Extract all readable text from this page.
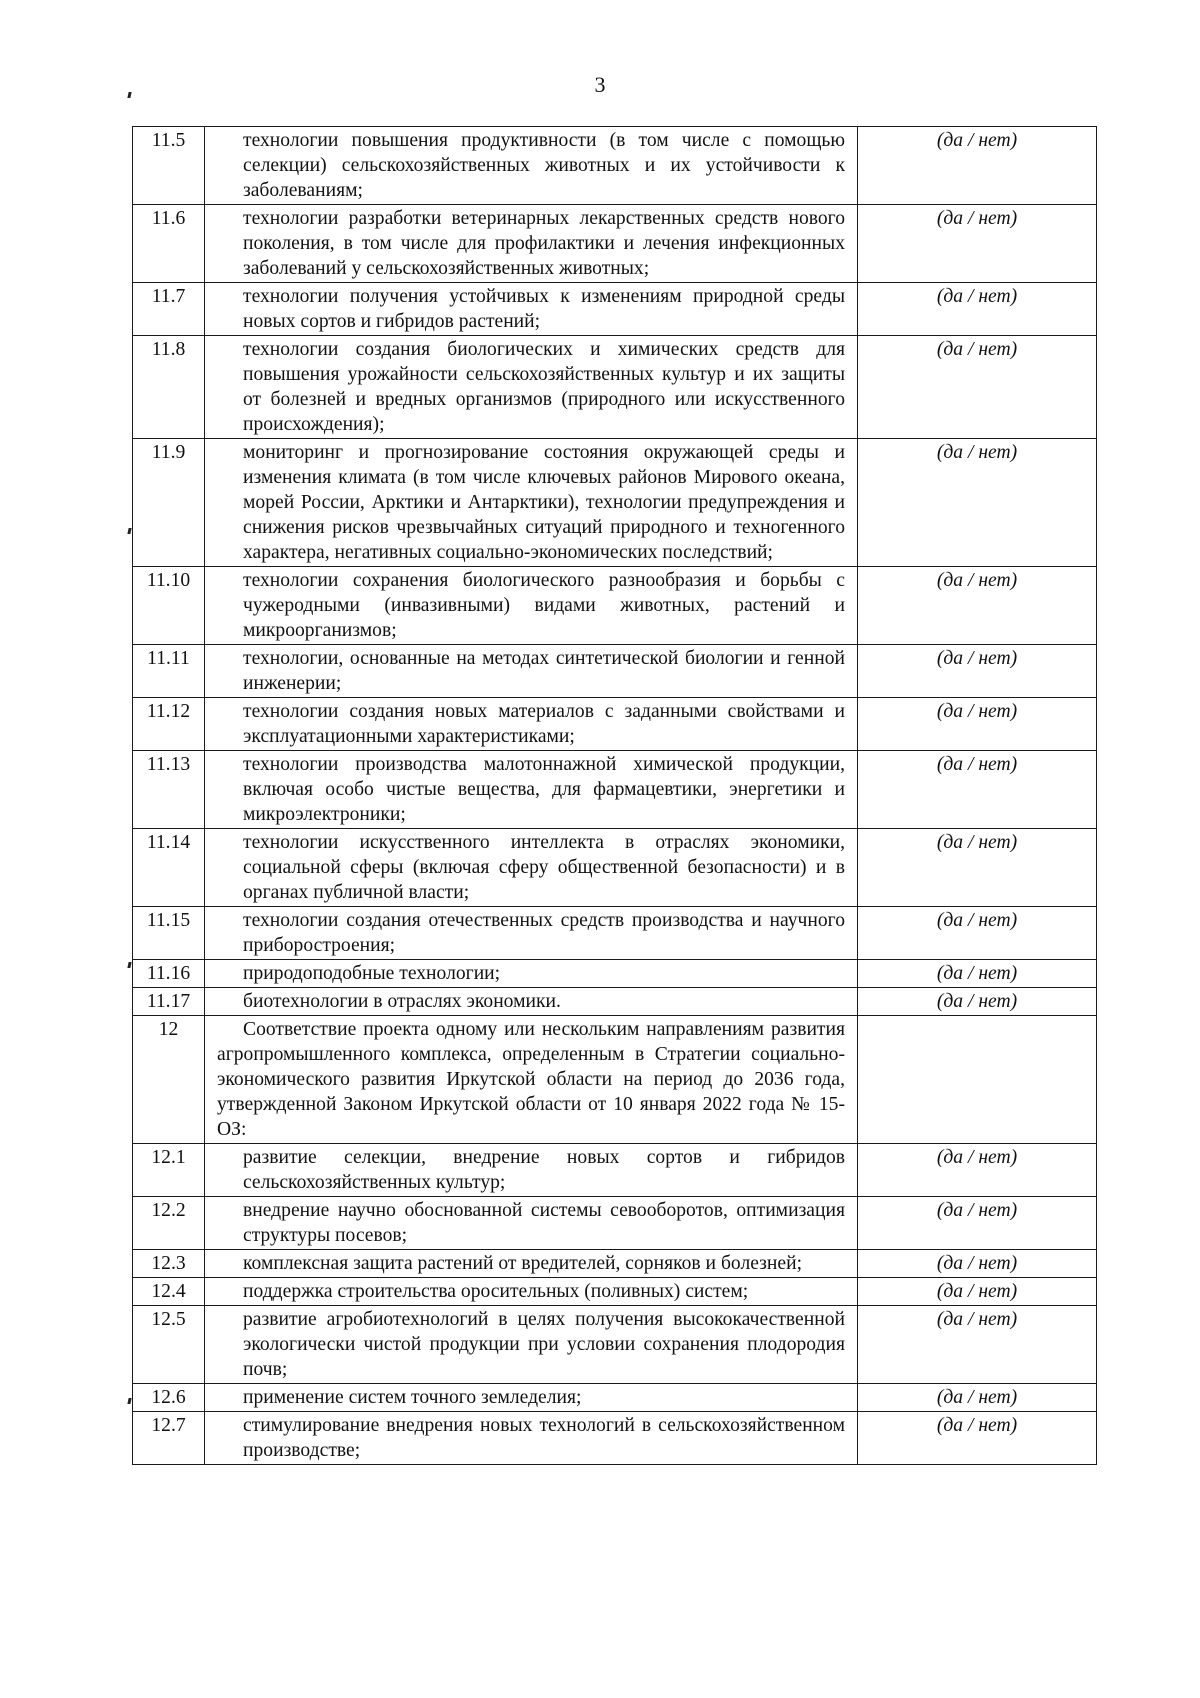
3
11.5	технологии повышения продуктивности (в том числе с помощью селекции) сельскохозяйственных животных и их устойчивости к заболеваниям;	(да / нет)
11.6	технологии разработки ветеринарных лекарственных средств нового поколения, в том числе для профилактики и лечения инфекционных заболеваний у сельскохозяйственных животных;	(да / нет)
11.7	технологии получения устойчивых к изменениям природной среды новых сортов и гибридов растений;	(да / нет)
11.8	технологии создания биологических и химических средств для повышения урожайности сельскохозяйственных культур и их защиты от болезней и вредных организмов (природного или искусственного происхождения);	(да / нет)
11.9	мониторинг и прогнозирование состояния окружающей среды и изменения климата (в том числе ключевых районов Мирового океана, морей России, Арктики и Антарктики), технологии предупреждения и снижения рисков чрезвычайных ситуаций природного и техногенного характера, негативных социально-экономических последствий;	(да / нет)
11.10	технологии сохранения биологического разнообразия и борьбы с чужеродными (инвазивными) видами животных, растений и микроорганизмов;	(да / нет)
11.11	технологии, основанные на методах синтетической биологии и генной инженерии;	(да / нет)
11.12	технологии создания новых материалов с заданными свойствами и эксплуатационными характеристиками;	(да / нет)
11.13	технологии производства малотоннажной химической продукции, включая особо чистые вещества, для фармацевтики, энергетики и микроэлектроники;	(да / нет)
11.14	технологии искусственного интеллекта в отраслях экономики, социальной сферы (включая сферу общественной безопасности) и в органах публичной власти;	(да / нет)
11.15	технологии создания отечественных средств производства и научного приборостроения;	(да / нет)
11.16	природоподобные технологии;	(да / нет)
11.17	биотехнологии в отраслях экономики.	(да / нет)
12	Соответствие проекта одному или нескольким направлениям развития агропромышленного комплекса, определенным в Стратегии социально-экономического развития Иркутской области на период до 2036 года, утвержденной Законом Иркутской области от 10 января 2022 года № 15-ОЗ:	
12.1	развитие селекции, внедрение новых сортов и гибридов сельскохозяйственных культур;	(да / нет)
12.2	внедрение научно обоснованной системы севооборотов, оптимизация структуры посевов;	(да / нет)
12.3	комплексная защита растений от вредителей, сорняков и болезней;	(да / нет)
12.4	поддержка строительства оросительных (поливных) систем;	(да / нет)
12.5	развитие агробиотехнологий в целях получения высококачественной экологически чистой продукции при условии сохранения плодородия почв;	(да / нет)
12.6	применение систем точного земледелия;	(да / нет)
12.7	стимулирование внедрения новых технологий в сельскохозяйственном производстве;	(да / нет)
